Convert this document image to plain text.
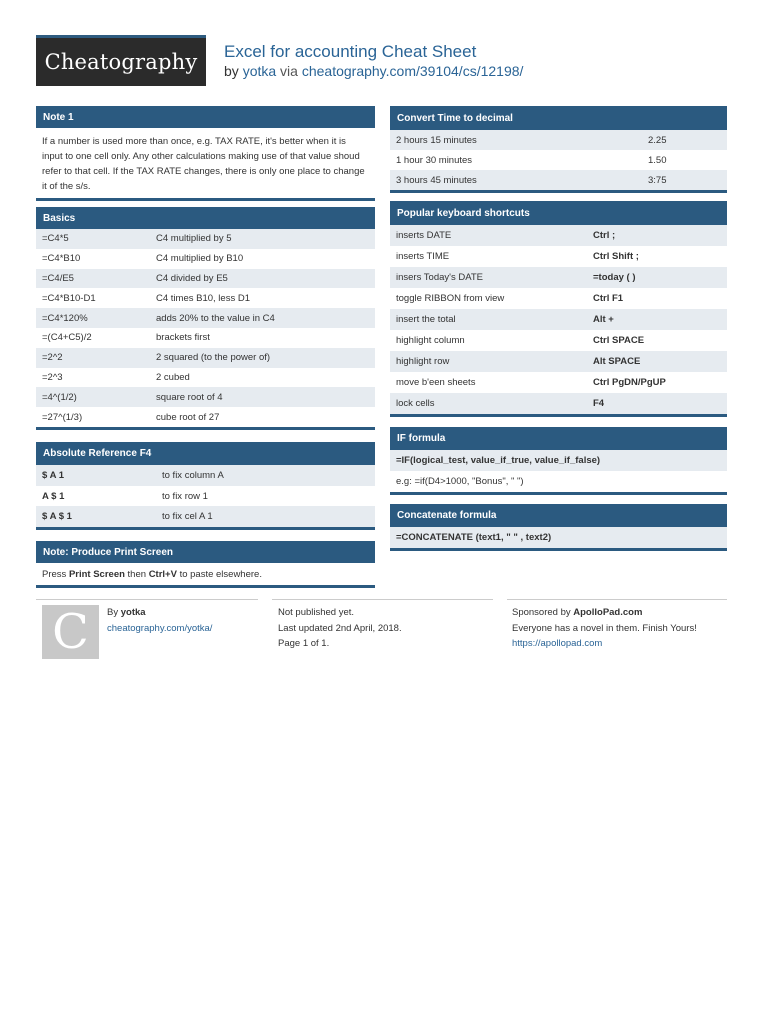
Cheatography Excel for accounting Cheat Sheet
by yotka via cheatography.com/39104/cs/12198/
Note 1
If a number is used more than once, e.g. TAX RATE, it's better when it is input to one cell only. Any other calculations making use of that value shoud refer to that cell. If the TAX RATE changes, there is only one place to change it of the s/s.
Basics
=C4*5	C4 multiplied by 5
=C4*B10	C4 multiplied by B10
=C4/E5	C4 divided by E5
=C4*B10-D1	C4 times B10, less D1
=C4*120%	adds 20% to the value in C4
=(C4+C5)/2	brackets first
=2^2	2 squared (to the power of)
=2^3	2 cubed
=4^(1/2)	square root of 4
=27^(1/3)	cube root of 27
Absolute Reference F4
$ A 1	to fix column A
A $ 1	to fix row 1
$ A $ 1	to fix cel A 1
Note: Produce Print Screen
Press
Print Screen
then
Ctrl+V
to paste elsewhere.
Convert Time to decimal
2 hours 15 minutes	2.25
1 hour 30 minutes	1.50
3 hours 45 minutes	3:75
Popular keyboard shortcuts
inserts DATE	Ctrl ;
inserts TIME	Ctrl Shift ;
insers Today's DATE	=today ( )
toggle RIBBON from view	Ctrl F1
insert the total	Alt +
highlight column	Ctrl SPACE
highlight row	Alt SPACE
move b'een sheets	Ctrl PgDN/PgUP
lock cells	F4
IF formula
=IF(logical_test, value_if_true, value_if_false)
e.g: =if(D4>1000, "Bonus", " ")
Concatenate formula
=CONCATENATE (text1, " " , text2)
C By yotka
cheatography.com/yotka/
Not published yet.
Last updated 2nd April, 2018.
Page 1 of 1.
Sponsored by ApolloPad.com
Everyone has a novel in them. Finish Yours!
https://apollopad.com
